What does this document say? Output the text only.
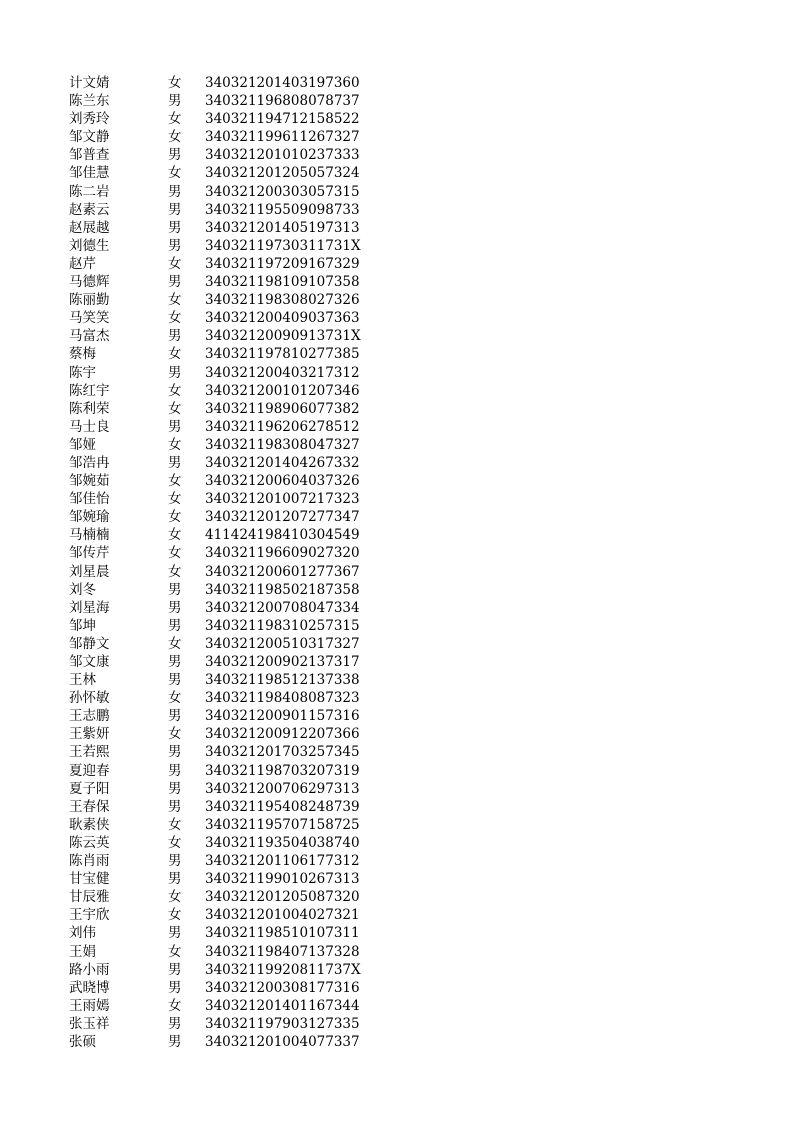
计文婧	女 340321201403197360
陈兰东	男 340321196808078737
刘秀玲	女 340321194712158522
邹文静	女 340321199611267327
邹普查	男 340321201010237333
邹佳慧	女 340321201205057324
陈二岩	男 340321200303057315
赵素云	男 340321195509098733
赵展越	男 340321201405197313
刘德生	男 34032119730311731X
赵芹	女 340321197209167329
马德辉	男 340321198109107358
陈丽勤	女 340321198308027326
马笑笑	女 340321200409037363
马富杰	男 34032120090913731X
蔡梅	女 340321197810277385
陈宇	男 340321200403217312
陈红宇	女 340321200101207346
陈利荣	女 340321198906077382
马士良	男 340321196206278512
邹娅	女 340321198308047327
邹浩冉	男 340321201404267332
邹婉茹	女 340321200604037326
邹佳怡	女 340321201007217323
邹婉瑜	女 340321201207277347
马楠楠	女 411424198410304549
邹传芹	女 340321196609027320
刘星晨	女 340321200601277367
刘冬	男 340321198502187358
刘星海	男 340321200708047334
邹坤	男 340321198310257315
邹静文	女 340321200510317327
邹文康	男 340321200902137317
王林	男 340321198512137338
孙怀敏	女 340321198408087323
王志鹏	男 340321200901157316
王紫妍	女 340321200912207366
王若熙	男 340321201703257345
夏迎春	男 340321198703207319
夏子阳	男 340321200706297313
王春保	男 340321195408248739
耿素侠	女 340321195707158725
陈云英	女 340321193504038740
陈肖雨	男 340321201106177312
甘宝健	男 340321199010267313
甘辰雅	女 340321201205087320
王宇欣	女 340321201004027321
刘伟	男 340321198510107311
王娟	女 340321198407137328
路小雨	男 34032119920811737X
武晓博	男 340321200308177316
王雨嫣	女 340321201401167344
张玉祥	男 340321197903127335
张硕	男 340321201004077337
